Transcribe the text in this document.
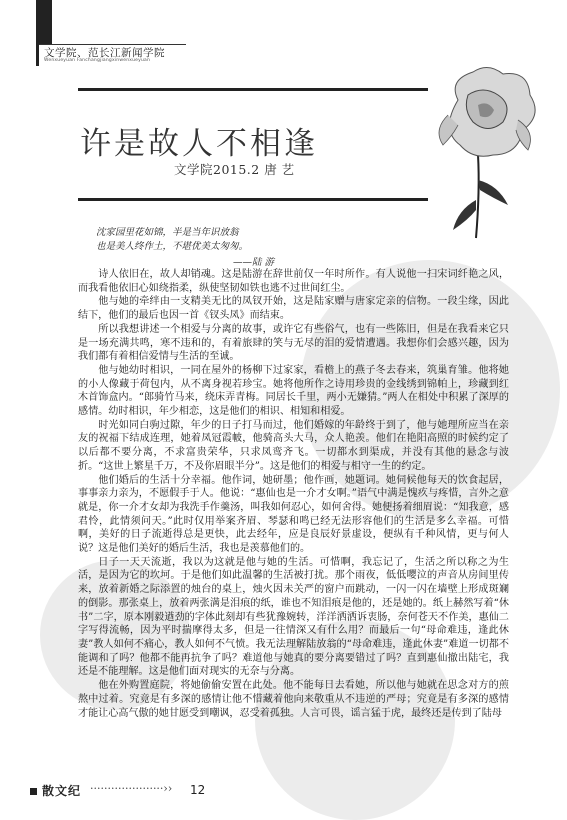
文学院、范长江新闻学院
Wenxueyuan Fanchangjiangxinwenxueyuan
许是故人不相逢
文学院2015.2 唐 艺
沈家园里花如锦，半是当年识放翁
也是美人终作土，不堪优美太匆匆。
——陆 游

诗人依旧在，故人却销魂。这是陆游在辞世前仅一年时所作。有人说他一扫宋词纤艳之风，而我看他依旧心如绕指柔，纵使坚韧如铁也逃不过世间红尘。

他与她的牵绊由一支精美无比的凤钗开始，这是陆家赠与唐家定亲的信物。一段尘缘，因此结下，他们的最后也因一首《钗头凤》而结束。

所以我想讲述一个相爱与分离的故事，或许它有些俗气，也有一些陈旧，但是在我看来它只是一场充满共鸣，寒不违和的，有着旅肆的笑与无尽的泪的爱情遭遇。我想你们会感兴趣，因为我们都有着相信爱情与生活的至诚。

他与她幼时相识，一同在屋外的杨柳下过家家，看檐上的燕子冬去春来，筑巢育雏。他将她的小人像藏于荷包内，从不离身视若珍宝。她将他所作之诗用珍贵的金线绣到锦帕上，珍藏到红木首饰盒内。“郎骑竹马来，绕床弄青梅。同居长千里，两小无嫌猜。”两人在相处中积累了深厚的感情。幼时相识，年少相恋，这是他们的相识、相知和相爱。

时光如同白驹过隙，年少的日子打马而过，他们婚嫁的年龄终于到了，他与她理所应当在亲友的祝福下结成连理，她着凤冠霞帔，他骑高头大马，众人艳羡。他们在艳阳高照的时候约定了以后都不要分离，不求富贵荣华，只求凤鸾齐飞。一切都水到渠成，并没有其他的悬念与波折。“这世上繁星千万，不及你眉眼半分”。这是他们的相爱与相守一生的约定。

他们婚后的生活十分幸福。他作词，她研墨；他作画，她题词。她伺候他每天的饮食起居，事事亲力亲为，不愿假手于人。他说：“惠仙也是一介才女啊。”语气中满是愧疚与疼惜，言外之意就是，你一介才女却为我洗手作羹汤，叫我如何忍心，如何舍得。她便扬着细眉说：“知我意，感君怜，此情须问天。”此时仅用举案齐眉、琴瑟和鸣已经无法形容他们的生活是多么幸福。可惜啊，美好的日子流逝得总是更快，此去经年，应是良辰好景虚设，便纵有千种风情，更与何人说？这是他们美好的婚后生活，我也是羡慕他们的。

日子一天天流逝，我以为这就是他与她的生活。可惜啊，我忘记了，生活之所以称之为生活，是因为它的坎坷。于是他们如此温馨的生活被打扰。那个雨夜，低低嘤泣的声音从房间里传来，放着新婚之际添置的烛台的桌上，烛火因未关严的窗户而跳动，一闪一闪在墙壁上形成斑斓的倒影。那张桌上，放着两张满是泪痕的纸，谁也不知泪痕是他的，还是她的。纸上赫然写着“休书”二字，原本刚毅遒劲的字体此刻却有些犹豫婉转，洋洋洒洒诉衷肠，奈何苍天不作美，惠仙二字写得流畅，因为平时揣摩得太多，但是一往情深又有什么用？而最后一句“母命难违，逢此休妻”教人如何不痛心，教人如何不气愤。我无法理解陆放翁的“母命难违，逢此休妻”难道一切都不能调和了吗？他都不能再抗争了吗？难道他与她真的要分离要错过了吗？直到惠仙撤出陆宅，我还是不能理解。这是他们面对现实的无奈与分离。

他在外购置庭院，将她偷偷安置在此处。他不能每日去看她，所以他与她就在思念对方的煎熬中过着。究竟是有多深的感情让他不惜藏着他向来敬重从不违逆的严母；究竟是有多深的感情才能让心高气傲的她甘愿受到嘲讽，忍受着孤独。人言可畏，谣言猛于虎，最终还是传到了陆母

散文纪 ·····················›› 12
